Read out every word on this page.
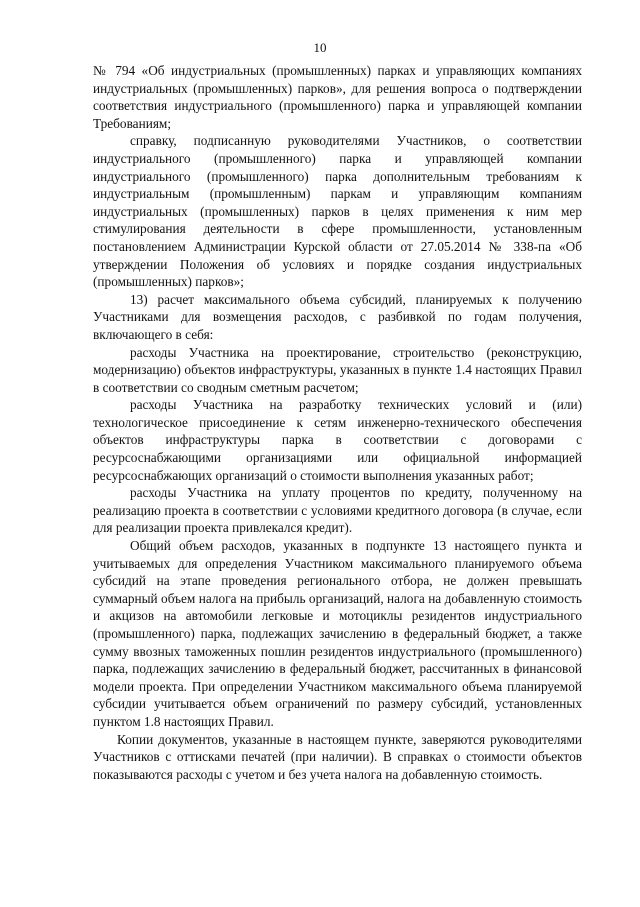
10

№ 794 «Об индустриальных (промышленных) парках и управляющих компаниях индустриальных (промышленных) парков», для решения вопроса о подтверждении соответствия индустриального (промышленного) парка и управляющей компании Требованиям;

справку, подписанную руководителями Участников, о соответствии индустриального (промышленного) парка и управляющей компании индустриального (промышленного) парка дополнительным требованиям к индустриальным (промышленным) паркам и управляющим компаниям индустриальных (промышленных) парков в целях применения к ним мер стимулирования деятельности в сфере промышленности, установленным постановлением Администрации Курской области от 27.05.2014 № 338-па «Об утверждении Положения об условиях и порядке создания индустриальных (промышленных) парков»;

13) расчет максимального объема субсидий, планируемых к получению Участниками для возмещения расходов, с разбивкой по годам получения, включающего в себя:

расходы Участника на проектирование, строительство (реконструкцию, модернизацию) объектов инфраструктуры, указанных в пункте 1.4 настоящих Правил в соответствии со сводным сметным расчетом;

расходы Участника на разработку технических условий и (или) технологическое присоединение к сетям инженерно-технического обеспечения объектов инфраструктуры парка в соответствии с договорами с ресурсоснабжающими организациями или официальной информацией ресурсоснабжающих организаций о стоимости выполнения указанных работ;

расходы Участника на уплату процентов по кредиту, полученному на реализацию проекта в соответствии с условиями кредитного договора (в случае, если для реализации проекта привлекался кредит).

Общий объем расходов, указанных в подпункте 13 настоящего пункта и учитываемых для определения Участником максимального планируемого объема субсидий на этапе проведения регионального отбора, не должен превышать суммарный объем налога на прибыль организаций, налога на добавленную стоимость и акцизов на автомобили легковые и мотоциклы резидентов индустриального (промышленного) парка, подлежащих зачислению в федеральный бюджет, а также сумму ввозных таможенных пошлин резидентов индустриального (промышленного) парка, подлежащих зачислению в федеральный бюджет, рассчитанных в финансовой модели проекта. При определении Участником максимального объема планируемой субсидии учитывается объем ограничений по размеру субсидий, установленных пунктом 1.8 настоящих Правил.

Копии документов, указанные в настоящем пункте, заверяются руководителями Участников с оттисками печатей (при наличии). В справках о стоимости объектов показываются расходы с учетом и без учета налога на добавленную стоимость.
